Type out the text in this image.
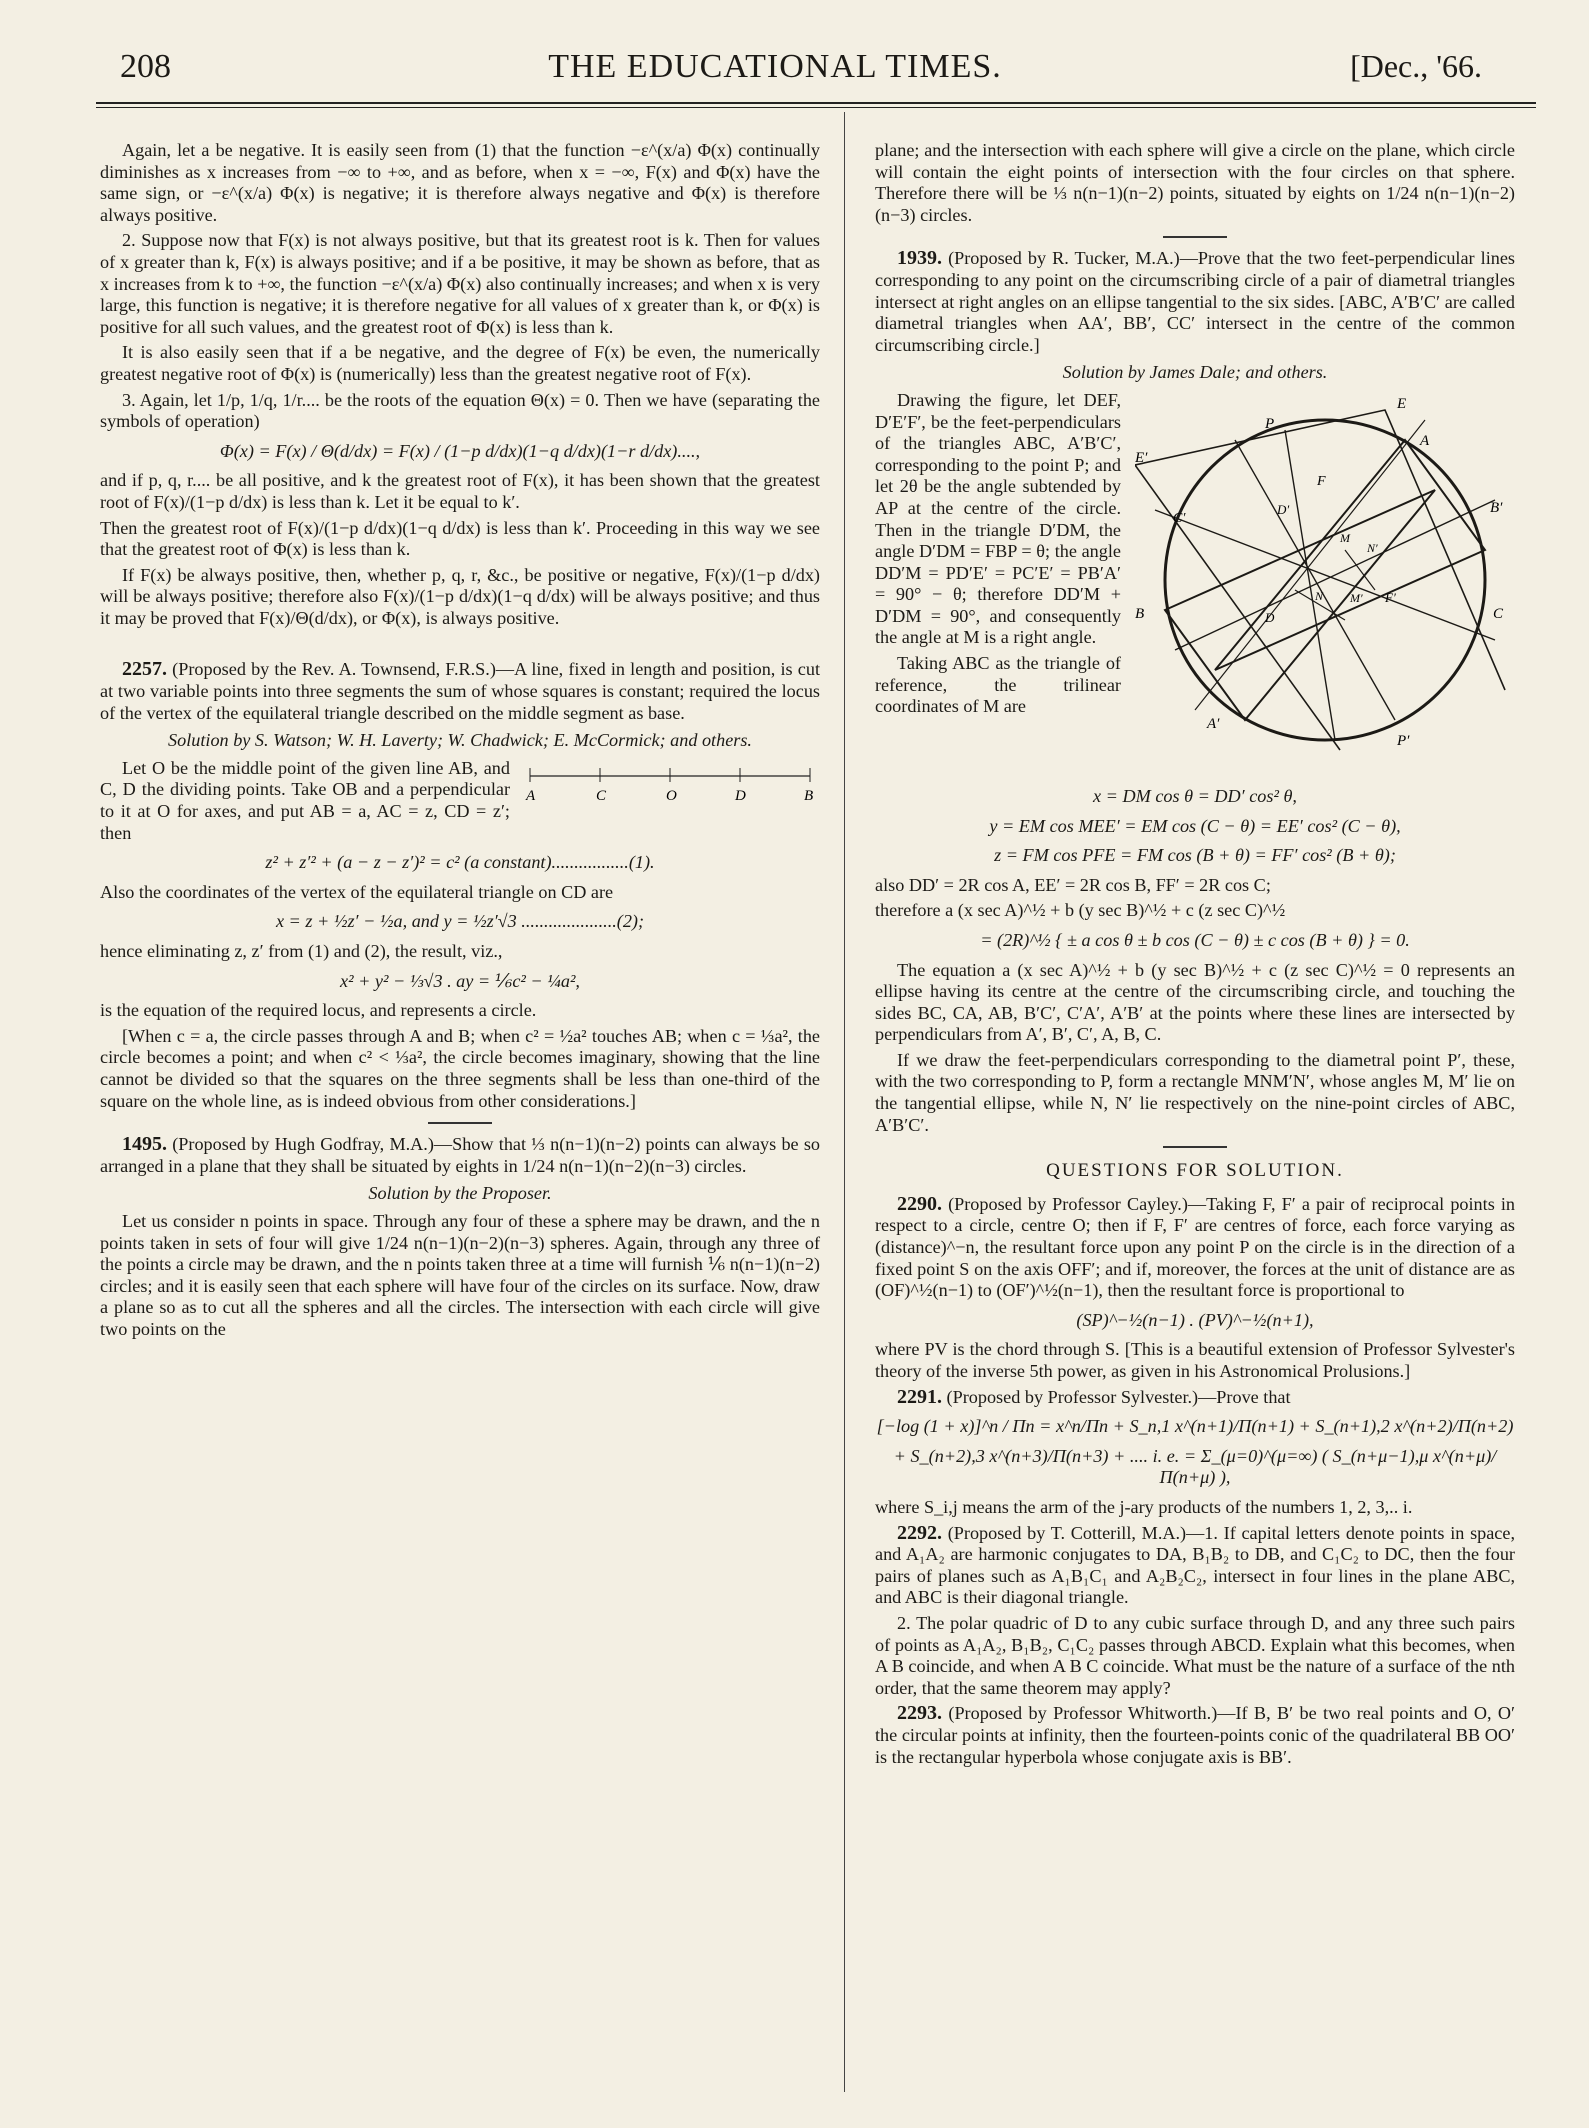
THE EDUCATIONAL TIMES.
208	[Dec., '66.

Again, let a be negative. It is easily seen from (1) that the function −ε^(x/a) Φ(x) continually diminishes as x increases from −∞ to +∞, and as before, when x = −∞, F(x) and Φ(x) have the same sign, or −ε^(x/a) Φ(x) is negative; it is therefore always negative and Φ(x) is therefore always positive.

2. Suppose now that F(x) is not always positive, but that its greatest root is k. Then for values of x greater than k, F(x) is always positive; and if a be positive, it may be shown as before, that as x increases from k to +∞, the function −ε^(x/a) Φ(x) also continually increases; and when x is very large, this function is negative; it is therefore negative for all values of x greater than k, or Φ(x) is positive for all such values, and the greatest root of Φ(x) is less than k.

It is also easily seen that if a be negative, and the degree of F(x) be even, the numerically greatest negative root of Φ(x) is (numerically) less than the greatest negative root of F(x).

3. Again, let 1/p, 1/q, 1/r.... be the roots of the equation Θ(x) = 0. Then we have (separating the symbols of operation)

Φ(x) = F(x) / Θ(d/dx) = F(x) / (1−p d/dx)(1−q d/dx)(1−r d/dx)....,

and if p, q, r.... be all positive, and k the greatest root of F(x), it has been shown that the greatest root of F(x)/(1−p d/dx) is less than k. Let it be equal to k′.

Then the greatest root of F(x)/(1−p d/dx)(1−q d/dx) is less than k′. Proceeding in this way we see that the greatest root of Φ(x) is less than k.

If F(x) be always positive, then, whether p, q, r, &c., be positive or negative, F(x)/(1−p d/dx) will be always positive; therefore also F(x)/(1−p d/dx)(1−q d/dx) will be always positive; and thus it may be proved that F(x)/Θ(d/dx), or Φ(x), is always positive.

2257. (Proposed by the Rev. A. Townsend, F.R.S.)—A line, fixed in length and position, is cut at two variable points into three segments the sum of whose squares is constant; required the locus of the vertex of the equilateral triangle described on the middle segment as base.

Solution by S. Watson; W. H. Laverty; W. Chadwick; E. McCormick; and others.

A	C	O	D	B

Let O be the middle point of the given line AB, and C, D the dividing points. Take OB and a perpendicular to it at O for axes, and put AB = a, AC = z, CD = z′; then

z² + z′² + (a − z − z′)² = c² (a constant).................(1).

Also the coordinates of the vertex of the equilateral triangle on CD are

x = z + ½z′ − ½a, and y = ½z′√3 .....................(2);

hence eliminating z, z′ from (1) and (2), the result, viz.,

x² + y² − ⅓√3 . ay = ⅙c² − ¼a²,

is the equation of the required locus, and represents a circle.

[When c = a, the circle passes through A and B; when c² = ½a² touches AB; when c = ⅓a², the circle becomes a point; and when c² < ⅓a², the circle becomes imaginary, showing that the line cannot be divided so that the squares on the three segments shall be less than one-third of the square on the whole line, as is indeed obvious from other considerations.]

1495. (Proposed by Hugh Godfray, M.A.)—Show that ⅓ n(n−1)(n−2) points can always be so arranged in a plane that they shall be situated by eights in 1/24 n(n−1)(n−2)(n−3) circles.

Solution by the Proposer.

Let us consider n points in space. Through any four of these a sphere may be drawn, and the n points taken in sets of four will give 1/24 n(n−1)(n−2)(n−3) spheres. Again, through any three of the points a circle may be drawn, and the n points taken three at a time will furnish ⅙ n(n−1)(n−2) circles; and it is easily seen that each sphere will have four of the circles on its surface. Now, draw a plane so as to cut all the spheres and all the circles. The intersection with each circle will give two points on the

plane; and the intersection with each sphere will give a circle on the plane, which circle will contain the eight points of intersection with the four circles on that sphere. Therefore there will be ⅓ n(n−1)(n−2) points, situated by eights on 1/24 n(n−1)(n−2)(n−3) circles.

1939. (Proposed by R. Tucker, M.A.)—Prove that the two feet-perpendicular lines corresponding to any point on the circumscribing circle of a pair of diametral triangles intersect at right angles on an ellipse tangential to the six sides. [ABC, A′B′C′ are called diametral triangles when AA′, BB′, CC′ intersect in the centre of the common circumscribing circle.]

Solution by James Dale; and others.

E
P
A
E′
F
C′
D′
M
N′
B′
F′
N M′
B	D	C
A′
P′

Drawing the figure, let DEF, D′E′F′, be the feet-perpendiculars of the triangles ABC, A′B′C′, corresponding to the point P; and let 2θ be the angle subtended by AP at the centre of the circle. Then in the triangle D′DM, the angle D′DM = FBP = θ; the angle DD′M = PD′E′ = PC′E′ = PB′A′ = 90° − θ; therefore DD′M + D′DM = 90°, and consequently the angle at M is a right angle.

Taking ABC as the triangle of reference, the trilinear coordinates of M are

x = DM cos θ = DD′ cos² θ,

y = EM cos MEE′ = EM cos (C − θ) = EE′ cos² (C − θ),

z = FM cos PFE = FM cos (B + θ) = FF′ cos² (B + θ);

also DD′ = 2R cos A, EE′ = 2R cos B, FF′ = 2R cos C;

therefore a (x sec A)^½ + b (y sec B)^½ + c (z sec C)^½

= (2R)^½ { ± a cos θ ± b cos (C − θ) ± c cos (B + θ) } = 0.

The equation a (x sec A)^½ + b (y sec B)^½ + c (z sec C)^½ = 0 represents an ellipse having its centre at the centre of the circumscribing circle, and touching the sides BC, CA, AB, B′C′, C′A′, A′B′ at the points where these lines are intersected by perpendiculars from A′, B′, C′, A, B, C.

If we draw the feet-perpendiculars corresponding to the diametral point P′, these, with the two corresponding to P, form a rectangle MNM′N′, whose angles M, M′ lie on the tangential ellipse, while N, N′ lie respectively on the nine-point circles of ABC, A′B′C′.

QUESTIONS FOR SOLUTION.

2290. (Proposed by Professor Cayley.)—Taking F, F′ a pair of reciprocal points in respect to a circle, centre O; then if F, F′ are centres of force, each force varying as (distance)^−n, the resultant force upon any point P on the circle is in the direction of a fixed point S on the axis OFF′; and if, moreover, the forces at the unit of distance are as (OF)^½(n−1) to (OF′)^½(n−1), then the resultant force is proportional to

(SP)^−½(n−1) . (PV)^−½(n+1),

where PV is the chord through S. [This is a beautiful extension of Professor Sylvester's theory of the inverse 5th power, as given in his Astronomical Prolusions.]

2291. (Proposed by Professor Sylvester.)—Prove that

[−log (1 + x)]^n / Πn = x^n/Πn + S_n,1 x^(n+1)/Π(n+1) + S_(n+1),2 x^(n+2)/Π(n+2)

+ S_(n+2),3 x^(n+3)/Π(n+3) + .... i. e. = Σ_(μ=0)^(μ=∞) ( S_(n+μ−1),μ x^(n+μ)/Π(n+μ) ),

where S_i,j means the arm of the j-ary products of the numbers 1, 2, 3,.. i.

2292. (Proposed by T. Cotterill, M.A.)—1. If capital letters denote points in space, and A₁A₂ are harmonic conjugates to DA, B₁B₂ to DB, and C₁C₂ to DC, then the four pairs of planes such as A₁B₁C₁ and A₂B₂C₂, intersect in four lines in the plane ABC, and ABC is their diagonal triangle.

2. The polar quadric of D to any cubic surface through D, and any three such pairs of points as A₁A₂, B₁B₂, C₁C₂ passes through ABCD. Explain what this becomes, when A B coincide, and when A B C coincide. What must be the nature of a surface of the nth order, that the same theorem may apply?

2293. (Proposed by Professor Whitworth.)—If B, B′ be two real points and O, O′ the circular points at infinity, then the fourteen-points conic of the quadrilateral BB OO′ is the rectangular hyperbola whose conjugate axis is BB′.
